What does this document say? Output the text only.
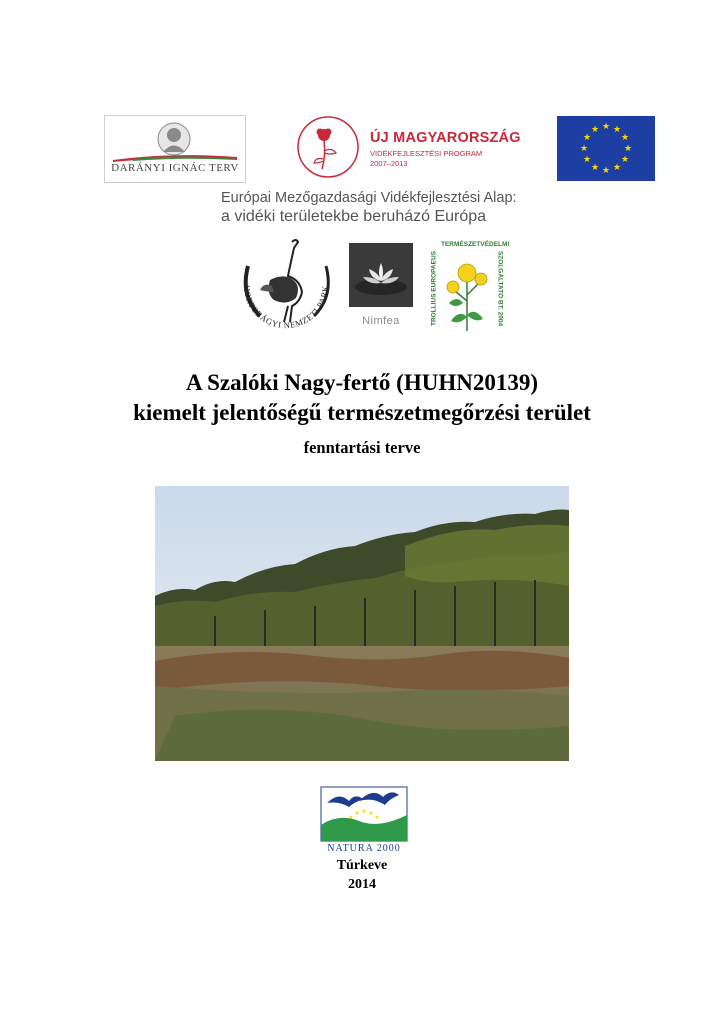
DARÁNYI IGNÁC TERV
ÚJ MAGYARORSZÁG
VIDÉKFEJLESZTÉSI PROGRAM
2007–2013
★ ★
★
★
★
★
★
★
★
★
★
★
Európai Mezőgazdasági Vidékfejlesztési Alap:
a vidéki területekbe beruházó Európa
HORTOBÁGYI NEMZETI PARK
Nimfea
TERMÉSZETVÉDELMI
TROLLIUS EUROPAEUS	SZOLGÁLTATÓ BT. 2004
A Szalóki Nagy-fertő (HUHN20139)
kiemelt jelentőségű természetmegőrzési terület
fenntartási terve
★
★ ★ ★
★
NATURA 2000
Túrkeve
2014
